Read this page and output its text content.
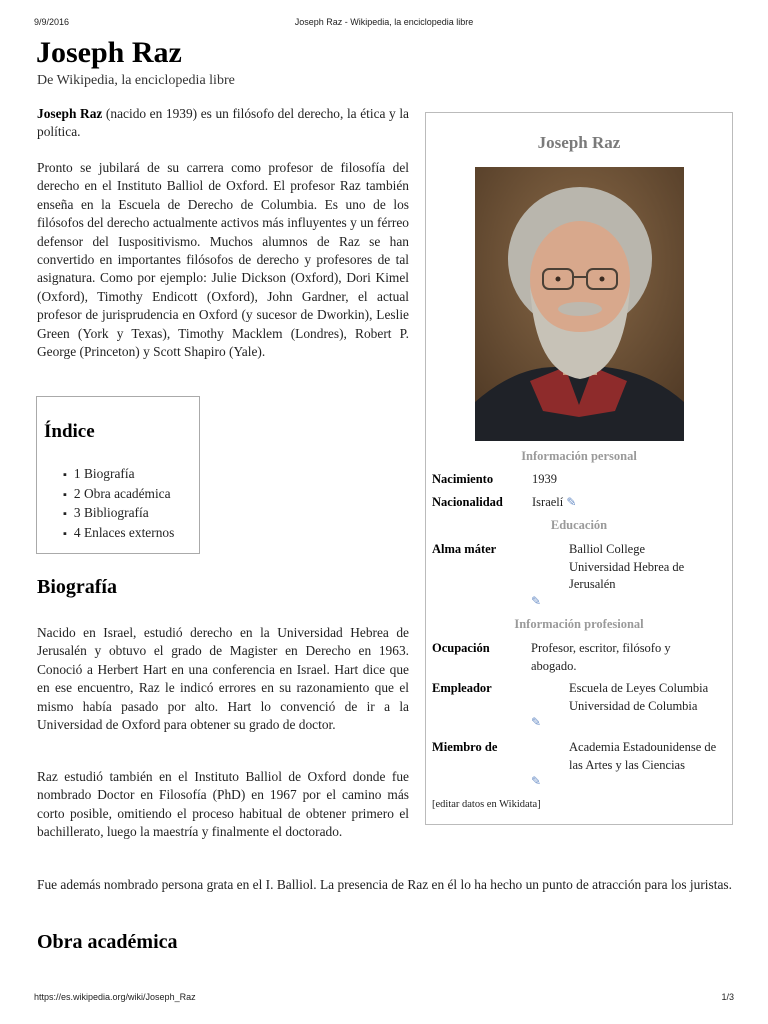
9/9/2016	Joseph Raz - Wikipedia, la enciclopedia libre
Joseph Raz
De Wikipedia, la enciclopedia libre

Joseph Raz (nacido en 1939) es un filósofo del derecho, la ética y la política.

Pronto se jubilará de su carrera como profesor de filosofía del derecho en el Instituto Balliol de Oxford. El profesor Raz también enseña en la Escuela de Derecho de Columbia. Es uno de los filósofos del derecho actualmente activos más influyentes y un férreo defensor del Iuspositivismo. Muchos alumnos de Raz se han convertido en importantes filósofos de derecho y profesores de tal asignatura. Como por ejemplo: Julie Dickson (Oxford), Dori Kimel (Oxford), Timothy Endicott (Oxford), John Gardner, el actual profesor de jurisprudencia en Oxford (y sucesor de Dworkin), Leslie Green (York y Texas), Timothy Macklem (Londres), Robert P. George (Princeton) y Scott Shapiro (Yale).

Índice
▪ 1 Biografía
▪ 2 Obra académica
▪ 3 Bibliografía
▪ 4 Enlaces externos
Biografía

Nacido en Israel, estudió derecho en la Universidad Hebrea de Jerusalén y obtuvo el grado de Magister en Derecho en 1963. Conoció a Herbert Hart en una conferencia en Israel. Hart dice que en ese encuentro, Raz le indicó errores en su razonamiento que el mismo había pasado por alto. Hart lo convenció de ir a la Universidad de Oxford para obtener su grado de doctor.

Raz estudió también en el Instituto Balliol de Oxford donde fue nombrado Doctor en Filosofía (PhD) en 1967 por el camino más corto posible, omitiendo el proceso habitual de obtener primero el bachillerato, luego la maestría y finalmente el doctorado.

Fue además nombrado persona grata en el I. Balliol. La presencia de Raz en él lo ha hecho un punto de atracción para los juristas.

Obra académica
Joseph Raz
Información personal
Nacimiento	1939
Nacionalidad Israelí ✎
Educación
Alma máter	Balliol College
Universidad Hebrea de
Jerusalén
✎
Información profesional
Ocupación	Profesor, escritor, filósofo y
abogado.
Empleador	Escuela de Leyes Columbia
Universidad de Columbia
✎
Miembro de	Academia Estadounidense de
las Artes y las Ciencias
✎
[editar datos en Wikidata]
https://es.wikipedia.org/wiki/Joseph_Raz	1/3
